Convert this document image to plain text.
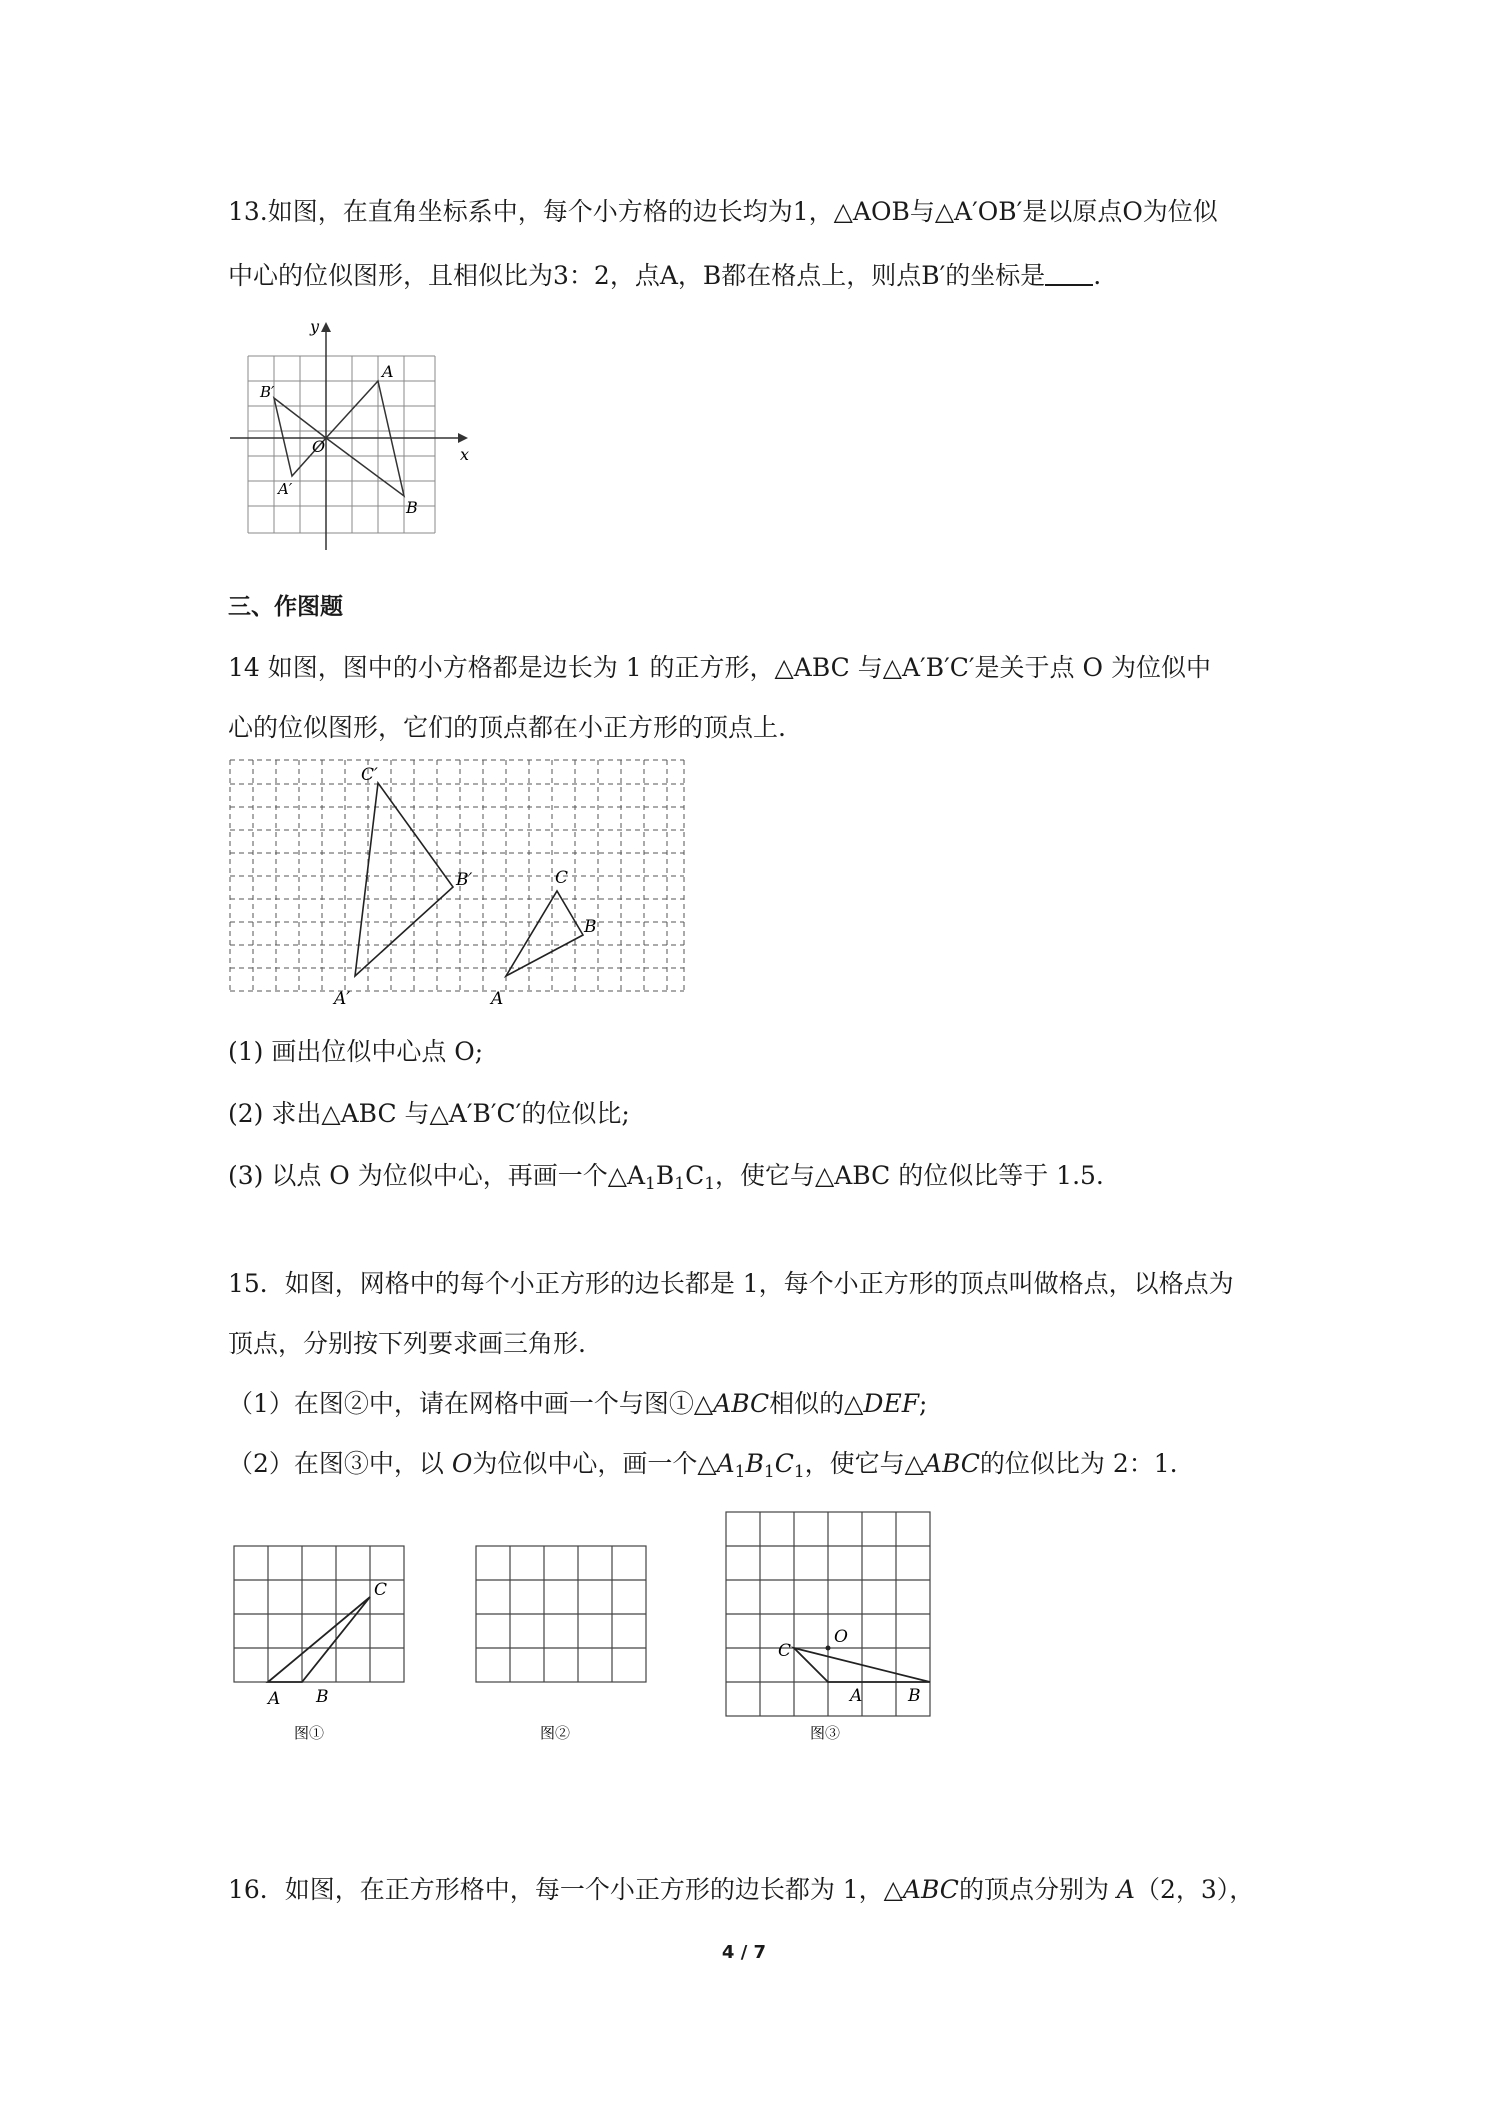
13.如图，在直角坐标系中，每个小方格的边长均为1，△AOB与△A′OB′是以原点O为位似
中心的位似图形，且相似比为3：2，点A，B都在格点上，则点B′的坐标是 .
y
x
O
A
B
A′
B′
三、作图题
14 如图，图中的小方格都是边长为 1 的正方形，△ABC 与△A′B′C′是关于点 O 为位似中
心的位似图形，它们的顶点都在小正方形的顶点上.
A′
B′
C′
A
B
C
(1) 画出位似中心点 O;
(2) 求出△ABC 与△A′B′C′的位似比;
(3) 以点 O 为位似中心，再画一个$\triangle A_1B_1C_1$，使它与△ABC 的位似比等于 1.5.
15．如图，网格中的每个小正方形的边长都是 1，每个小正方形的顶点叫做格点，以格点为
顶点，分别按下列要求画三角形.
（1）在图②中，请在网格中画一个与图①△ABC相似的△DEF;
（2）在图③中，以 O为位似中心，画一个$\triangle A_1B_1C_1$，使它与△ABC的位似比为 2：1.
A B
C
图①	图②
C
O
A	B
图③
16．如图，在正方形格中，每一个小正方形的边长都为 1，△ABC的顶点分别为 A（2，3），
4 / 7
